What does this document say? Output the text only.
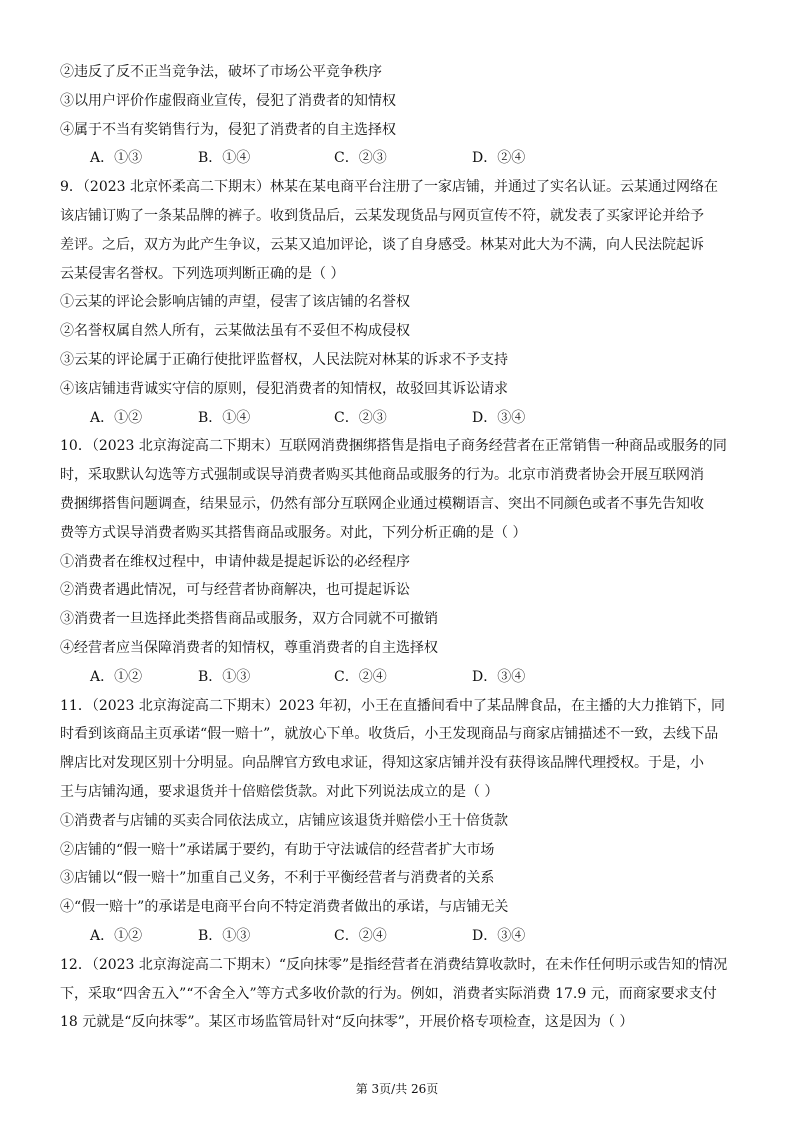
②违反了反不正当竞争法，破坏了市场公平竞争秩序
③以用户评价作虚假商业宣传，侵犯了消费者的知情权
④属于不当有奖销售行为，侵犯了消费者的自主选择权
A．①③	B．①④	C．②③	D．②④
9．（2023 北京怀柔高二下期末）林某在某电商平台注册了一家店铺，并通过了实名认证。云某通过网络在
该店铺订购了一条某品牌的裤子。收到货品后，云某发现货品与网页宣传不符，就发表了买家评论并给予
差评。之后，双方为此产生争议，云某又追加评论，谈了自身感受。林某对此大为不满，向人民法院起诉
云某侵害名誉权。下列选项判断正确的是（ ）
①云某的评论会影响店铺的声望，侵害了该店铺的名誉权
②名誉权属自然人所有，云某做法虽有不妥但不构成侵权
③云某的评论属于正确行使批评监督权，人民法院对林某的诉求不予支持
④该店铺违背诚实守信的原则，侵犯消费者的知情权，故驳回其诉讼请求
A．①②	B．①④	C．②③	D．③④
10．（2023 北京海淀高二下期末）互联网消费捆绑搭售是指电子商务经营者在正常销售一种商品或服务的同
时，采取默认勾选等方式强制或误导消费者购买其他商品或服务的行为。北京市消费者协会开展互联网消
费捆绑搭售问题调查，结果显示，仍然有部分互联网企业通过模糊语言、突出不同颜色或者不事先告知收
费等方式误导消费者购买其搭售商品或服务。对此，下列分析正确的是（ ）
①消费者在维权过程中，申请仲裁是提起诉讼的必经程序
②消费者遇此情况，可与经营者协商解决，也可提起诉讼
③消费者一旦选择此类搭售商品或服务，双方合同就不可撤销
④经营者应当保障消费者的知情权，尊重消费者的自主选择权
A．①②	B．①③	C．②④	D．③④
11．（2023 北京海淀高二下期末）2023 年初，小王在直播间看中了某品牌食品，在主播的大力推销下，同
时看到该商品主页承诺“假一赔十”，就放心下单。收货后，小王发现商品与商家店铺描述不一致，去线下品
牌店比对发现区别十分明显。向品牌官方致电求证，得知这家店铺并没有获得该品牌代理授权。于是，小
王与店铺沟通，要求退货并十倍赔偿货款。对此下列说法成立的是（ ）
①消费者与店铺的买卖合同依法成立，店铺应该退货并赔偿小王十倍货款
②店铺的“假一赔十”承诺属于要约，有助于守法诚信的经营者扩大市场
③店铺以“假一赔十”加重自己义务，不利于平衡经营者与消费者的关系
④“假一赔十”的承诺是电商平台向不特定消费者做出的承诺，与店铺无关
A．①②	B．①③	C．②④	D．③④
12．（2023 北京海淀高二下期末）“反向抹零”是指经营者在消费结算收款时，在未作任何明示或告知的情况
下，采取“四舍五入”“不舍全入”等方式多收价款的行为。例如，消费者实际消费 17.9 元，而商家要求支付
18 元就是“反向抹零”。某区市场监管局针对“反向抹零”，开展价格专项检查，这是因为（ ）
第 3页/共 26页
